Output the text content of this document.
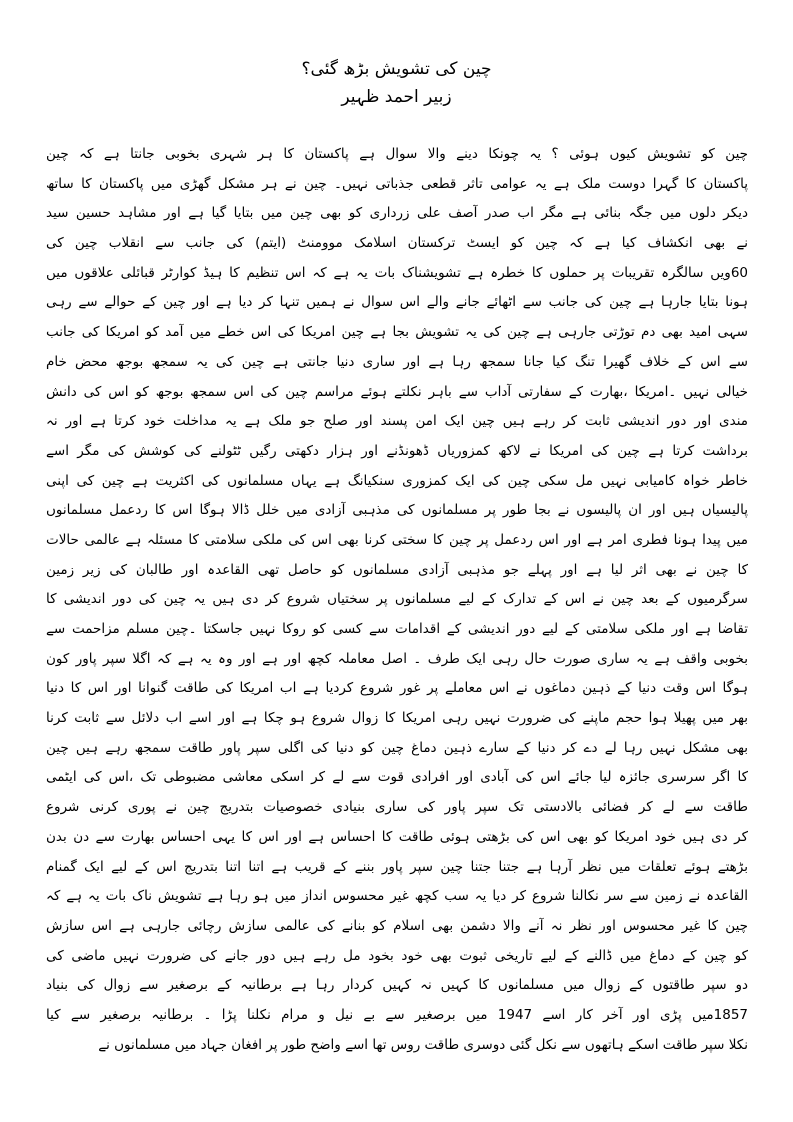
چین کی تشویش بڑھ گئی؟
زبیر احمد ظہیر
چین کو تشویش کیوں ہوئی ؟ یہ چونکا دینے والا سوال ہے پاکستان کا ہر شہری بخوبی جانتا ہے کہ چین
پاکستان کا گہرا دوست ملک ہے یہ عوامی تاثر قطعی جذباتی نہیں۔ چین نے ہر مشکل گھڑی میں پاکستان کا ساتھ
دیکر دلوں میں جگہ بنائی ہے مگر اب صدر آصف علی زرداری کو بھی چین میں بتایا گیا ہے اور مشاہد حسین سید
نے بھی انکشاف کیا ہے کہ چین کو ایسٹ ترکستان اسلامک موومنٹ (ایتم) کی جانب سے انقلاب چین کی
60ویں سالگرہ تقریبات پر حملوں کا خطرہ ہے تشویشناک بات یہ ہے کہ اس تنظیم کا ہیڈ کوارٹر قبائلی علاقوں میں
ہونا بتایا جارہا ہے چین کی جانب سے اٹھائے جانے والے اس سوال نے ہمیں تنہا کر دیا ہے اور چین کے حوالے سے رہی
سہی امید بھی دم توڑتی جارہی ہے چین کی یہ تشویش بجا ہے چین امریکا کی اس خطے میں آمد کو امریکا کی جانب
سے اس کے خلاف گھیرا تنگ کیا جانا سمجھ رہا ہے اور ساری دنیا جانتی ہے چین کی یہ سمجھ بوجھ محض خام
خیالی نہیں ۔امریکا ،بھارت کے سفارتی آداب سے باہر نکلتے ہوئے مراسم چین کی اس سمجھ بوجھ کو اس کی دانش
مندی اور دور اندیشی ثابت کر رہے ہیں چین ایک امن پسند اور صلح جو ملک ہے یہ مداخلت خود کرتا ہے اور نہ
برداشت کرتا ہے چین کی امریکا نے لاکھ کمزوریاں ڈھونڈنے اور ہزار دکھتی رگیں ٹٹولنے کی کوشش کی مگر اسے
خاطر خواہ کامیابی نہیں مل سکی چین کی ایک کمزوری سنکیانگ ہے یہاں مسلمانوں کی اکثریت ہے چین کی اپنی
پالیسیاں ہیں اور ان پالیسوں نے بجا طور پر مسلمانوں کی مذہبی آزادی میں خلل ڈالا ہوگا اس کا ردعمل مسلمانوں
میں پیدا ہونا فطری امر ہے اور اس ردعمل پر چین کا سختی کرنا بھی اس کی ملکی سلامتی کا مسئلہ ہے عالمی حالات
کا چین نے بھی اثر لیا ہے اور پہلے جو مذہبی آزادی مسلمانوں کو حاصل تھی القاعدہ اور طالبان کی زیر زمین
سرگرمیوں کے بعد چین نے اس کے تدارک کے لیے مسلمانوں پر سختیاں شروع کر دی ہیں یہ چین کی دور اندیشی کا
تقاضا ہے اور ملکی سلامتی کے لیے دور اندیشی کے اقدامات سے کسی کو روکا نہیں جاسکتا ۔چین مسلم مزاحمت سے
بخوبی واقف ہے یہ ساری صورت حال رہی ایک طرف ۔ اصل معاملہ کچھ اور ہے اور وہ یہ ہے کہ اگلا سپر پاور کون
ہوگا اس وقت دنیا کے ذہین دماغوں نے اس معاملے پر غور شروع کردیا ہے اب امریکا کی طاقت گنوانا اور اس کا دنیا
بھر میں پھیلا ہوا حجم ماپنے کی ضرورت نہیں رہی امریکا کا زوال شروع ہو چکا ہے اور اسے اب دلائل سے ثابت کرنا
بھی مشکل نہیں رہا لے دے کر دنیا کے سارے ذہین دماغ چین کو دنیا کی اگلی سپر پاور طاقت سمجھ رہے ہیں چین
کا اگر سرسری جائزہ لیا جائے اس کی آبادی اور افرادی قوت سے لے کر اسکی معاشی مضبوطی تک ،اس کی ایٹمی
طاقت سے لے کر فضائی بالادستی تک سپر پاور کی ساری بنیادی خصوصیات بتدریج چین نے پوری کرنی شروع
کر دی ہیں خود امریکا کو بھی اس کی بڑھتی ہوئی طاقت کا احساس ہے اور اس کا یہی احساس بھارت سے دن بدن
بڑھتے ہوئے تعلقات میں نظر آرہا ہے جتنا جتنا چین سپر پاور بننے کے قریب ہے اتنا اتنا بتدریج اس کے لیے ایک گمنام
القاعدہ نے زمین سے سر نکالنا شروع کر دیا یہ سب کچھ غیر محسوس انداز میں ہو رہا ہے تشویش ناک بات یہ ہے کہ
چین کا غیر محسوس اور نظر نہ آنے والا دشمن بھی اسلام کو بنانے کی عالمی سازش رچائی جارہی ہے اس سازش
کو چین کے دماغ میں ڈالنے کے لیے تاریخی ثبوت بھی خود بخود مل رہے ہیں دور جانے کی ضرورت نہیں ماضی کی
دو سپر طاقتوں کے زوال میں مسلمانوں کا کہیں نہ کہیں کردار رہا ہے برطانیہ کے برصغیر سے زوال کی بنیاد
1857میں پڑی اور آخر کار اسے 1947 میں برصغیر سے بے نیل و مرام نکلنا پڑا ۔ برطانیہ برصغیر سے کیا
نکلا سپر طاقت اسکے ہاتھوں سے نکل گئی دوسری طاقت روس تھا اسے واضح طور پر افغان جہاد میں مسلمانوں نے
